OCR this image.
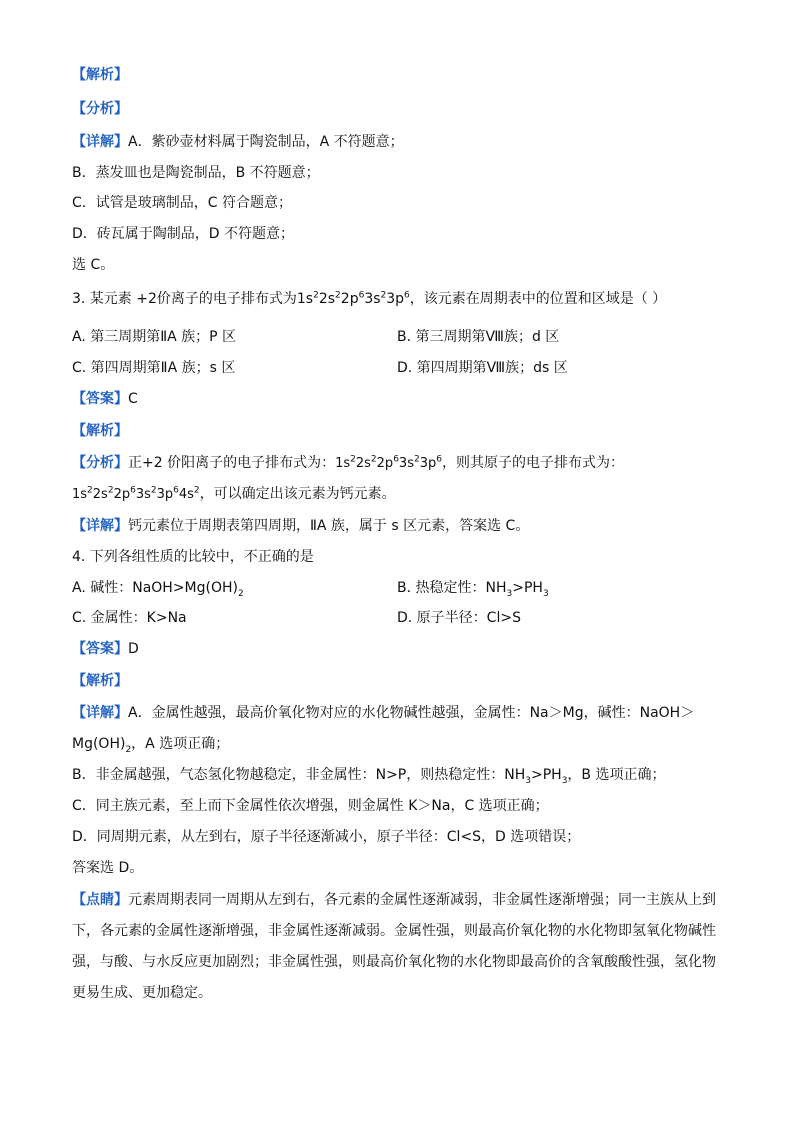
【解析】
【分析】
【详解】A．紫砂壶材料属于陶瓷制品，A 不符题意；
B．蒸发皿也是陶瓷制品，B 不符题意；
C．试管是玻璃制品，C 符合题意；
D．砖瓦属于陶制品，D 不符题意；
选 C。
3. 某元素 +2价离子的电子排布式为$1s^22s^22p^63s^23p^6$，该元素在周期表中的位置和区域是（ ）
A. 第三周期第ⅡA 族；P 区	B. 第三周期第Ⅷ族；d 区
C. 第四周期第ⅡA 族；s 区	D. 第四周期第Ⅷ族；ds 区
【答案】C
【解析】
【分析】正+2 价阳离子的电子排布式为：$1s^22s^22p^63s^23p^6$，则其原子的电子排布式为：
$1s^22s^22p^63s^23p^64s^2$，可以确定出该元素为钙元素。
【详解】钙元素位于周期表第四周期，ⅡA 族，属于 s 区元素，答案选 C。
4. 下列各组性质的比较中，不正确的是
A. 碱性：$NaOH>Mg(OH)_2$	B. 热稳定性：$NH_3>PH_3$
C. 金属性：K>Na	D. 原子半径：Cl>S
【答案】D
【解析】
【详解】A．金属性越强，最高价氧化物对应的水化物碱性越强，金属性：Na＞Mg，碱性：NaOH＞
$Mg(OH)_2$，A 选项正确；
B．非金属越强，气态氢化物越稳定，非金属性：N>P，则热稳定性：$NH_3>PH_3$，B 选项正确；
C．同主族元素，至上而下金属性依次增强，则金属性 K＞Na，C 选项正确；
D．同周期元素，从左到右，原子半径逐渐减小，原子半径：Cl<S，D 选项错误；
答案选 D。
【点睛】元素周期表同一周期从左到右，各元素的金属性逐渐减弱，非金属性逐渐增强；同一主族从上到
下，各元素的金属性逐渐增强，非金属性逐渐减弱。金属性强，则最高价氧化物的水化物即氢氧化物碱性
强，与酸、与水反应更加剧烈；非金属性强，则最高价氧化物的水化物即最高价的含氧酸酸性强，氢化物
更易生成、更加稳定。
